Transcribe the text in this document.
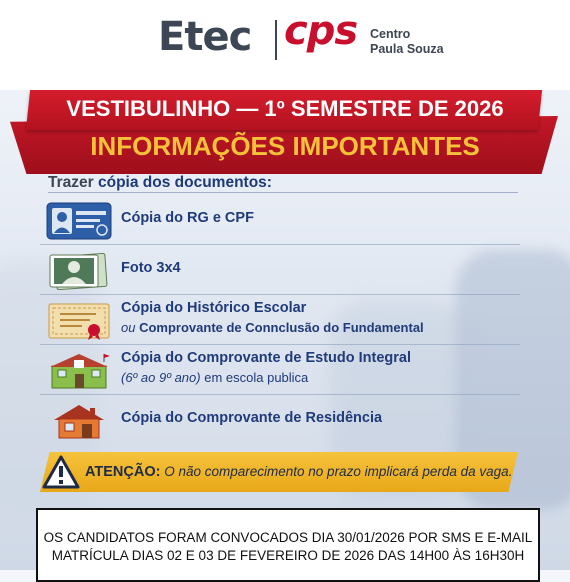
Etec cps Centro
Paula Souza
VESTIBULINHO — 1º SEMESTRE DE 2026
INFORMAÇÕES IMPORTANTES
Trazer cópia dos documentos:
Cópia do RG e CPF
Foto 3x4
Cópia do Histórico Escolar
ou Comprovante de Connclusão do Fundamental
Cópia do Comprovante de Estudo Integral
(6º ao 9º ano) em escola publica
Cópia do Comprovante de Residência
ATENÇÃO: O não comparecimento no prazo implicará perda da vaga.
OS CANDIDATOS FORAM CONVOCADOS DIA 30/01/2026 POR SMS E E-MAIL
MATRÍCULA DIAS 02 E 03 DE FEVEREIRO DE 2026 DAS 14H00 ÀS 16H30H
